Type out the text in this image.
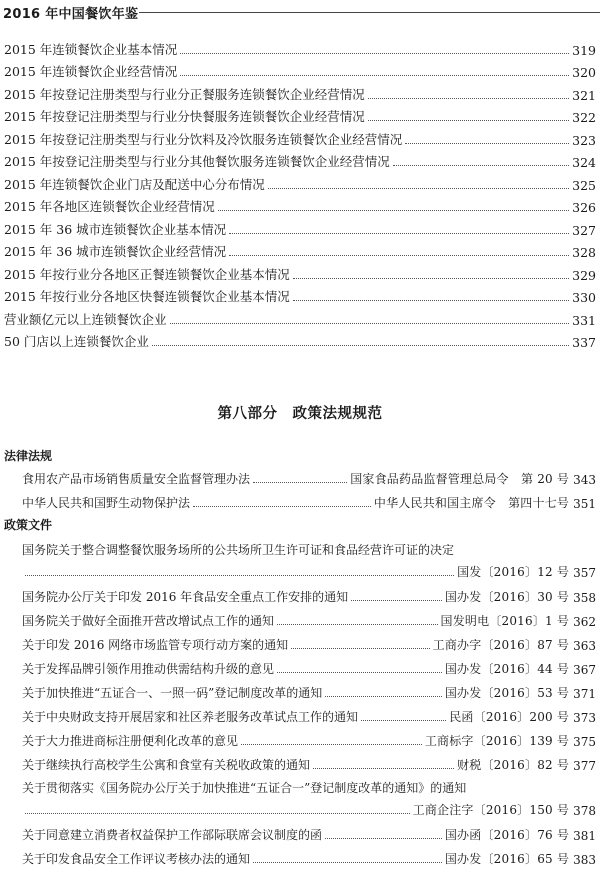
2016 年中国餐饮年鉴
2015 年连锁餐饮企业基本情况	319
2015 年连锁餐饮企业经营情况	320
2015 年按登记注册类型与行业分正餐服务连锁餐饮企业经营情况	321
2015 年按登记注册类型与行业分快餐服务连锁餐饮企业经营情况	322
2015 年按登记注册类型与行业分饮料及冷饮服务连锁餐饮企业经营情况	323
2015 年按登记注册类型与行业分其他餐饮服务连锁餐饮企业经营情况	324
2015 年连锁餐饮企业门店及配送中心分布情况	325
2015 年各地区连锁餐饮企业经营情况	326
2015 年 36 城市连锁餐饮企业基本情况	327
2015 年 36 城市连锁餐饮企业经营情况	328
2015 年按行业分各地区正餐连锁餐饮企业基本情况	329
2015 年按行业分各地区快餐连锁餐饮企业基本情况	330
营业额亿元以上连锁餐饮企业	331
50 门店以上连锁餐饮企业	337
第八部分　政策法规规范
法律法规
食用农产品市场销售质量安全监督管理办法	国家食品药品监督管理总局令　第 20 号 343
中华人民共和国野生动物保护法	中华人民共和国主席令　第四十七号 351
政策文件
国务院关于整合调整餐饮服务场所的公共场所卫生许可证和食品经营许可证的决定
国发〔2016〕12 号 357
国务院办公厅关于印发 2016 年食品安全重点工作安排的通知	国办发〔2016〕30 号 358
国务院关于做好全面推开营改增试点工作的通知	国发明电〔2016〕1 号 362
关于印发 2016 网络市场监管专项行动方案的通知	工商办字〔2016〕87 号 363
关于发挥品牌引领作用推动供需结构升级的意见	国办发〔2016〕44 号 367
关于加快推进“五证合一、一照一码”登记制度改革的通知	国办发〔2016〕53 号 371
关于中央财政支持开展居家和社区养老服务改革试点工作的通知	民函〔2016〕200 号 373
关于大力推进商标注册便利化改革的意见	工商标字〔2016〕139 号 375
关于继续执行高校学生公寓和食堂有关税收政策的通知	财税〔2016〕82 号 377
关于贯彻落实《国务院办公厅关于加快推进“五证合一”登记制度改革的通知》的通知
工商企注字〔2016〕150 号 378
关于同意建立消费者权益保护工作部际联席会议制度的函	国办函〔2016〕76 号 381
关于印发食品安全工作评议考核办法的通知	国办发〔2016〕65 号 383
